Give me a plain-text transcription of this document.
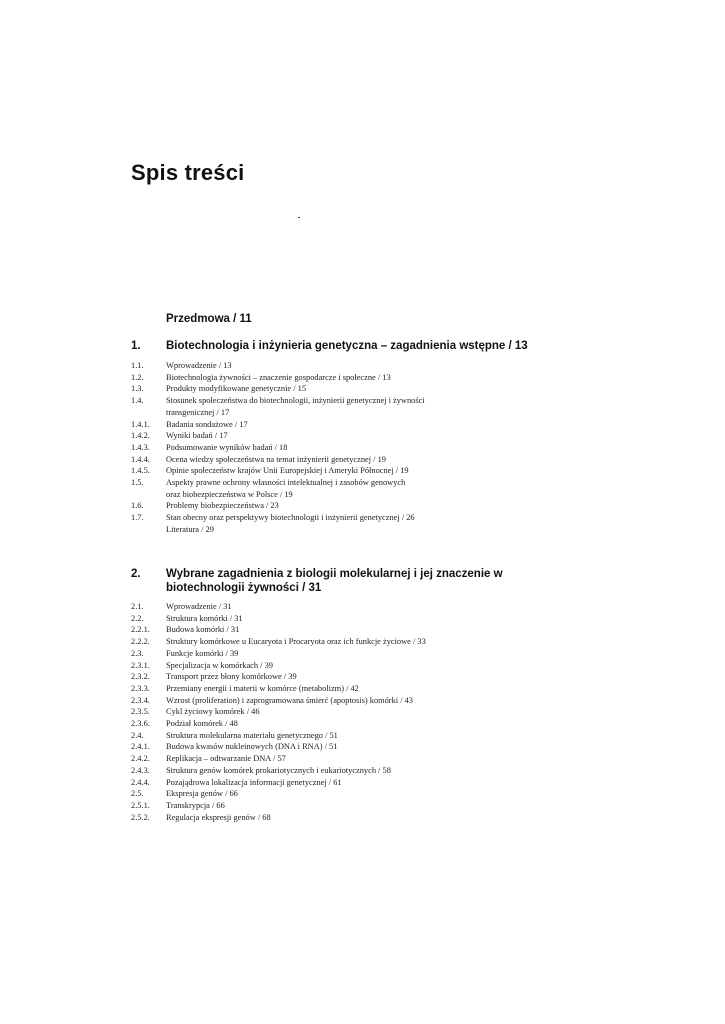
Spis treści
Przedmowa / 11
1. Biotechnologia i inżynieria genetyczna – zagadnienia wstępne / 13
1.1.	Wprowadzenie / 13
1.2.	Biotechnologia żywności – znaczenie gospodarcze i społeczne / 13
1.3.	Produkty modyfikowane genetycznie / 15
1.4.	Stosunek społeczeństwa do biotechnologii, inżynierii genetycznej i żywności
transgenicznej / 17
1.4.1.	Badania sondażowe / 17
1.4.2.	Wyniki badań / 17
1.4.3.	Podsumowanie wyników badań / 18
1.4.4.	Ocena wiedzy społeczeństwa na temat inżynierii genetycznej / 19
1.4.5.	Opinie społeczeństw krajów Unii Europejskiej i Ameryki Północnej / 19
1.5.	Aspekty prawne ochrony własności intelektualnej i zasobów genowych
oraz biobezpieczeństwa w Polsce / 19
1.6.	Problemy biobezpieczeństwa / 23
1.7.	Stan obecny oraz perspektywy biotechnologii i inżynierii genetycznej / 26
Literatura / 29
2. Wybrane zagadnienia z biologii molekularnej i jej znaczenie w biotechnologii żywności / 31
2.1.	Wprowadzenie / 31
2.2.	Struktura komórki / 31
2.2.1.	Budowa komórki / 31
2.2.2.	Struktury komórkowe u Eucaryota i Procaryota oraz ich funkcje życiowe / 33
2.3.	Funkcje komórki / 39
2.3.1.	Specjalizacja w komórkach / 39
2.3.2.	Transport przez błony komórkowe / 39
2.3.3.	Przemiany energii i materii w komórce (metabolizm) / 42
2.3.4.	Wzrost (proliferation) i zaprogramowana śmierć (apoptosis) komórki / 43
2.3.5.	Cykl życiowy komórek / 46
2.3.6.	Podział komórek / 48
2.4.	Struktura molekularna materiału genetycznego / 51
2.4.1.	Budowa kwasów nukleinowych (DNA i RNA) / 51
2.4.2.	Replikacja – odtwarzanie DNA / 57
2.4.3.	Struktura genów komórek prokariotycznych i eukariotycznych / 58
2.4.4.	Pozajądrowa lokalizacja informacji genetycznej / 61
2.5.	Ekspresja genów / 66
2.5.1.	Transkrypcja / 66
2.5.2.	Regulacja ekspresji genów / 68
